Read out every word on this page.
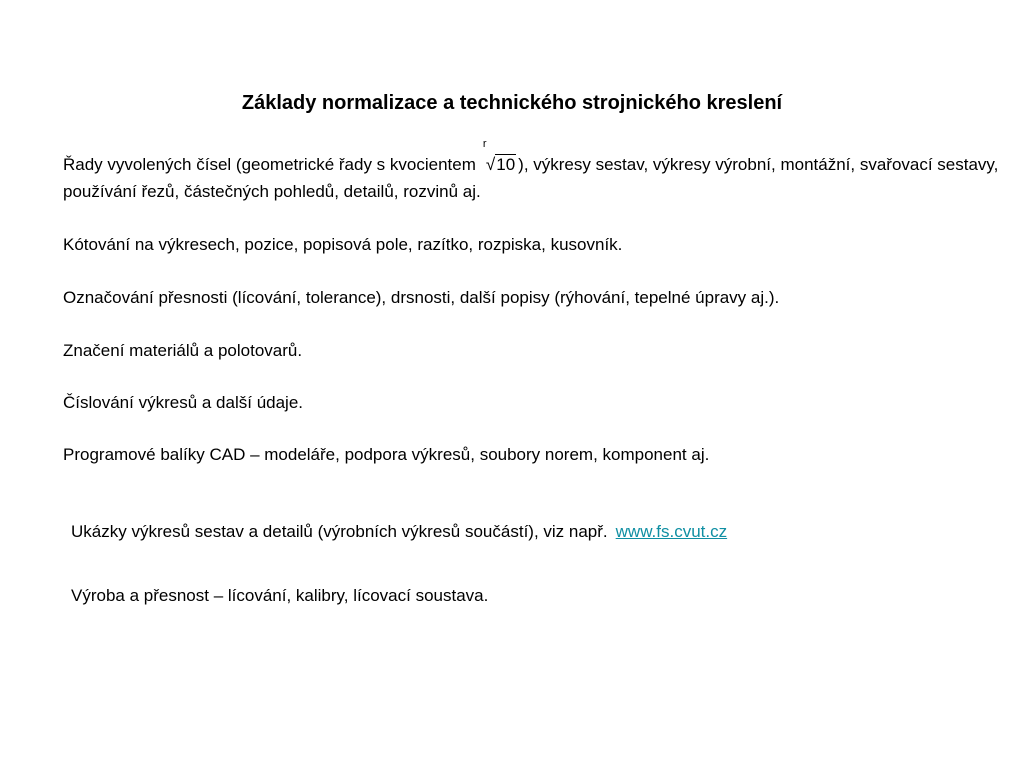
Základy normalizace a technického strojnického kreslení

Řady vyvolených čísel (geometrické řady s kvocientem
r
√10 ), výkresy sestav, výkresy výrobní, montážní, svařovací sestavy, používání řezů, částečných pohledů, detailů, rozvinů aj.

Kótování na výkresech, pozice, popisová pole, razítko, rozpiska, kusovník.

Označování přesnosti (lícování, tolerance), drsnosti, další popisy (rýhování, tepelné úpravy aj.).

Značení materiálů a polotovarů.

Číslování výkresů a další údaje.

Programové balíky CAD – modeláře, podpora výkresů, soubory norem, komponent aj.

Ukázky výkresů sestav a detailů (výrobních výkresů součástí), viz např. www.fs.cvut.cz

Výroba a přesnost – lícování, kalibry, lícovací soustava.
